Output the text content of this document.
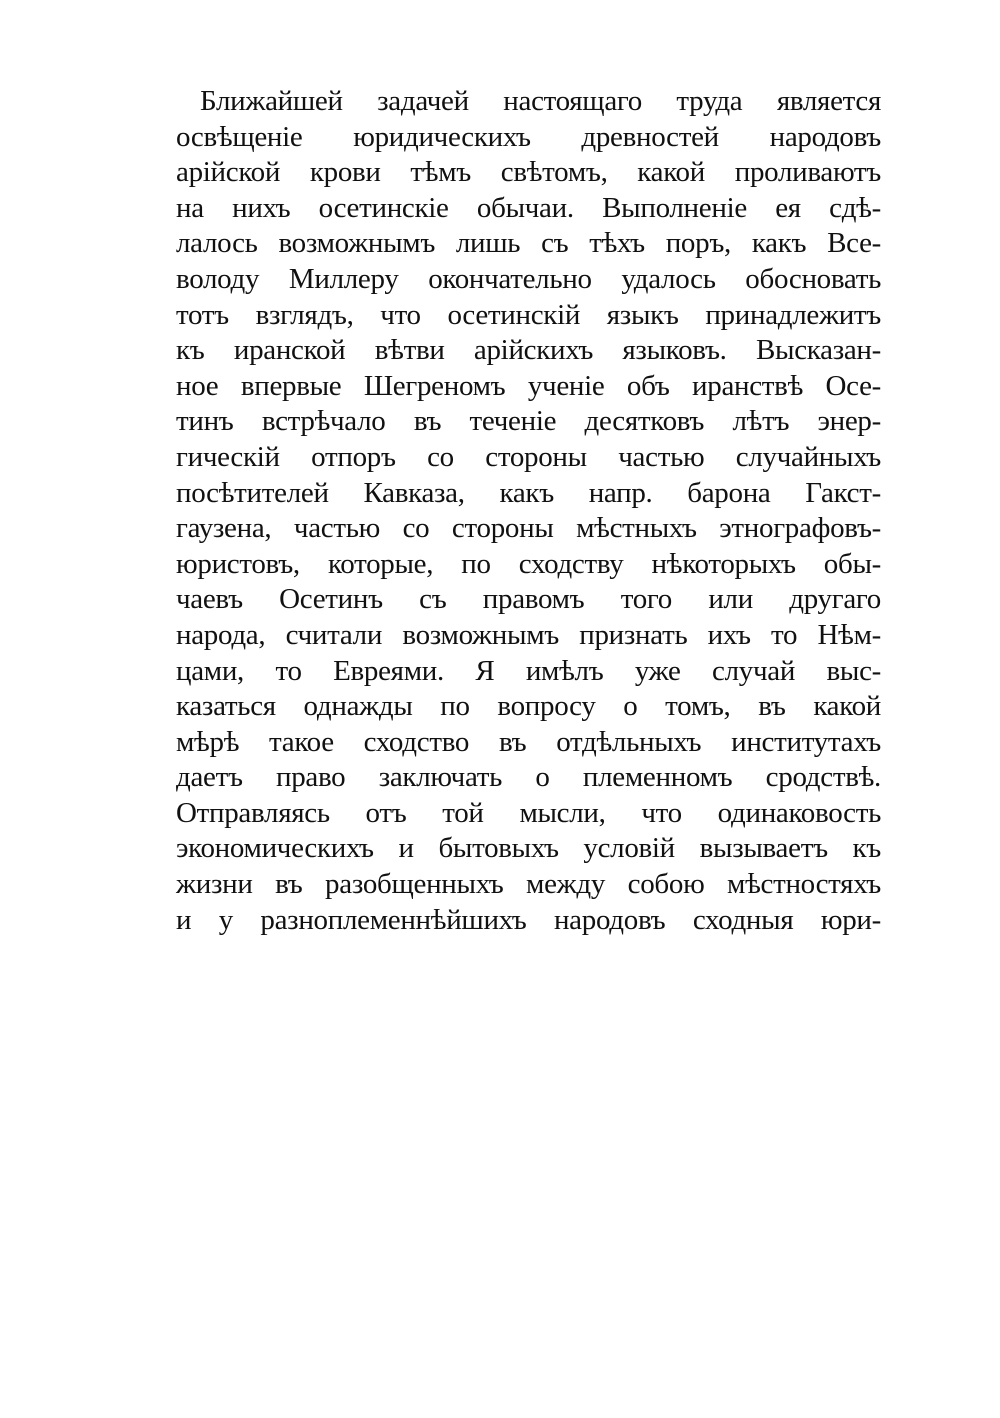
Ближайшей задачей настоящаго труда является
освѣщеніе юридическихъ древностей народовъ
арійской крови тѣмъ свѣтомъ, какой проливаютъ
на нихъ осетинскіе обычаи. Выполненіе ея сдѣ-
лалось возможнымъ лишь съ тѣхъ поръ, какъ Все-
володу Миллеру окончательно удалось обосновать
тотъ взглядъ, что осетинскій языкъ принадлежитъ
къ иранской вѣтви арійскихъ языковъ. Высказан-
ное впервые Шегреномъ ученіе объ иранствѣ Осе-
тинъ встрѣчало въ теченіе десятковъ лѣтъ энер-
гическій отпоръ со стороны частью случайныхъ
посѣтителей Кавказа, какъ напр. барона Гакст-
гаузена, частью со стороны мѣстныхъ этнографовъ-
юристовъ, которые, по сходству нѣкоторыхъ обы-
чаевъ Осетинъ съ правомъ того или другаго
народа, считали возможнымъ признать ихъ то Нѣм-
цами, то Евреями. Я имѣлъ уже случай выс-
казаться однажды по вопросу о томъ, въ какой
мѣрѣ такое сходство въ отдѣльныхъ институтахъ
даетъ право заключать о племенномъ сродствѣ.
Отправляясь отъ той мысли, что одинаковость
экономическихъ и бытовыхъ условій вызываетъ къ
жизни въ разобщенныхъ между собою мѣстностяхъ
и у разноплеменнѣйшихъ народовъ сходныя юри-
